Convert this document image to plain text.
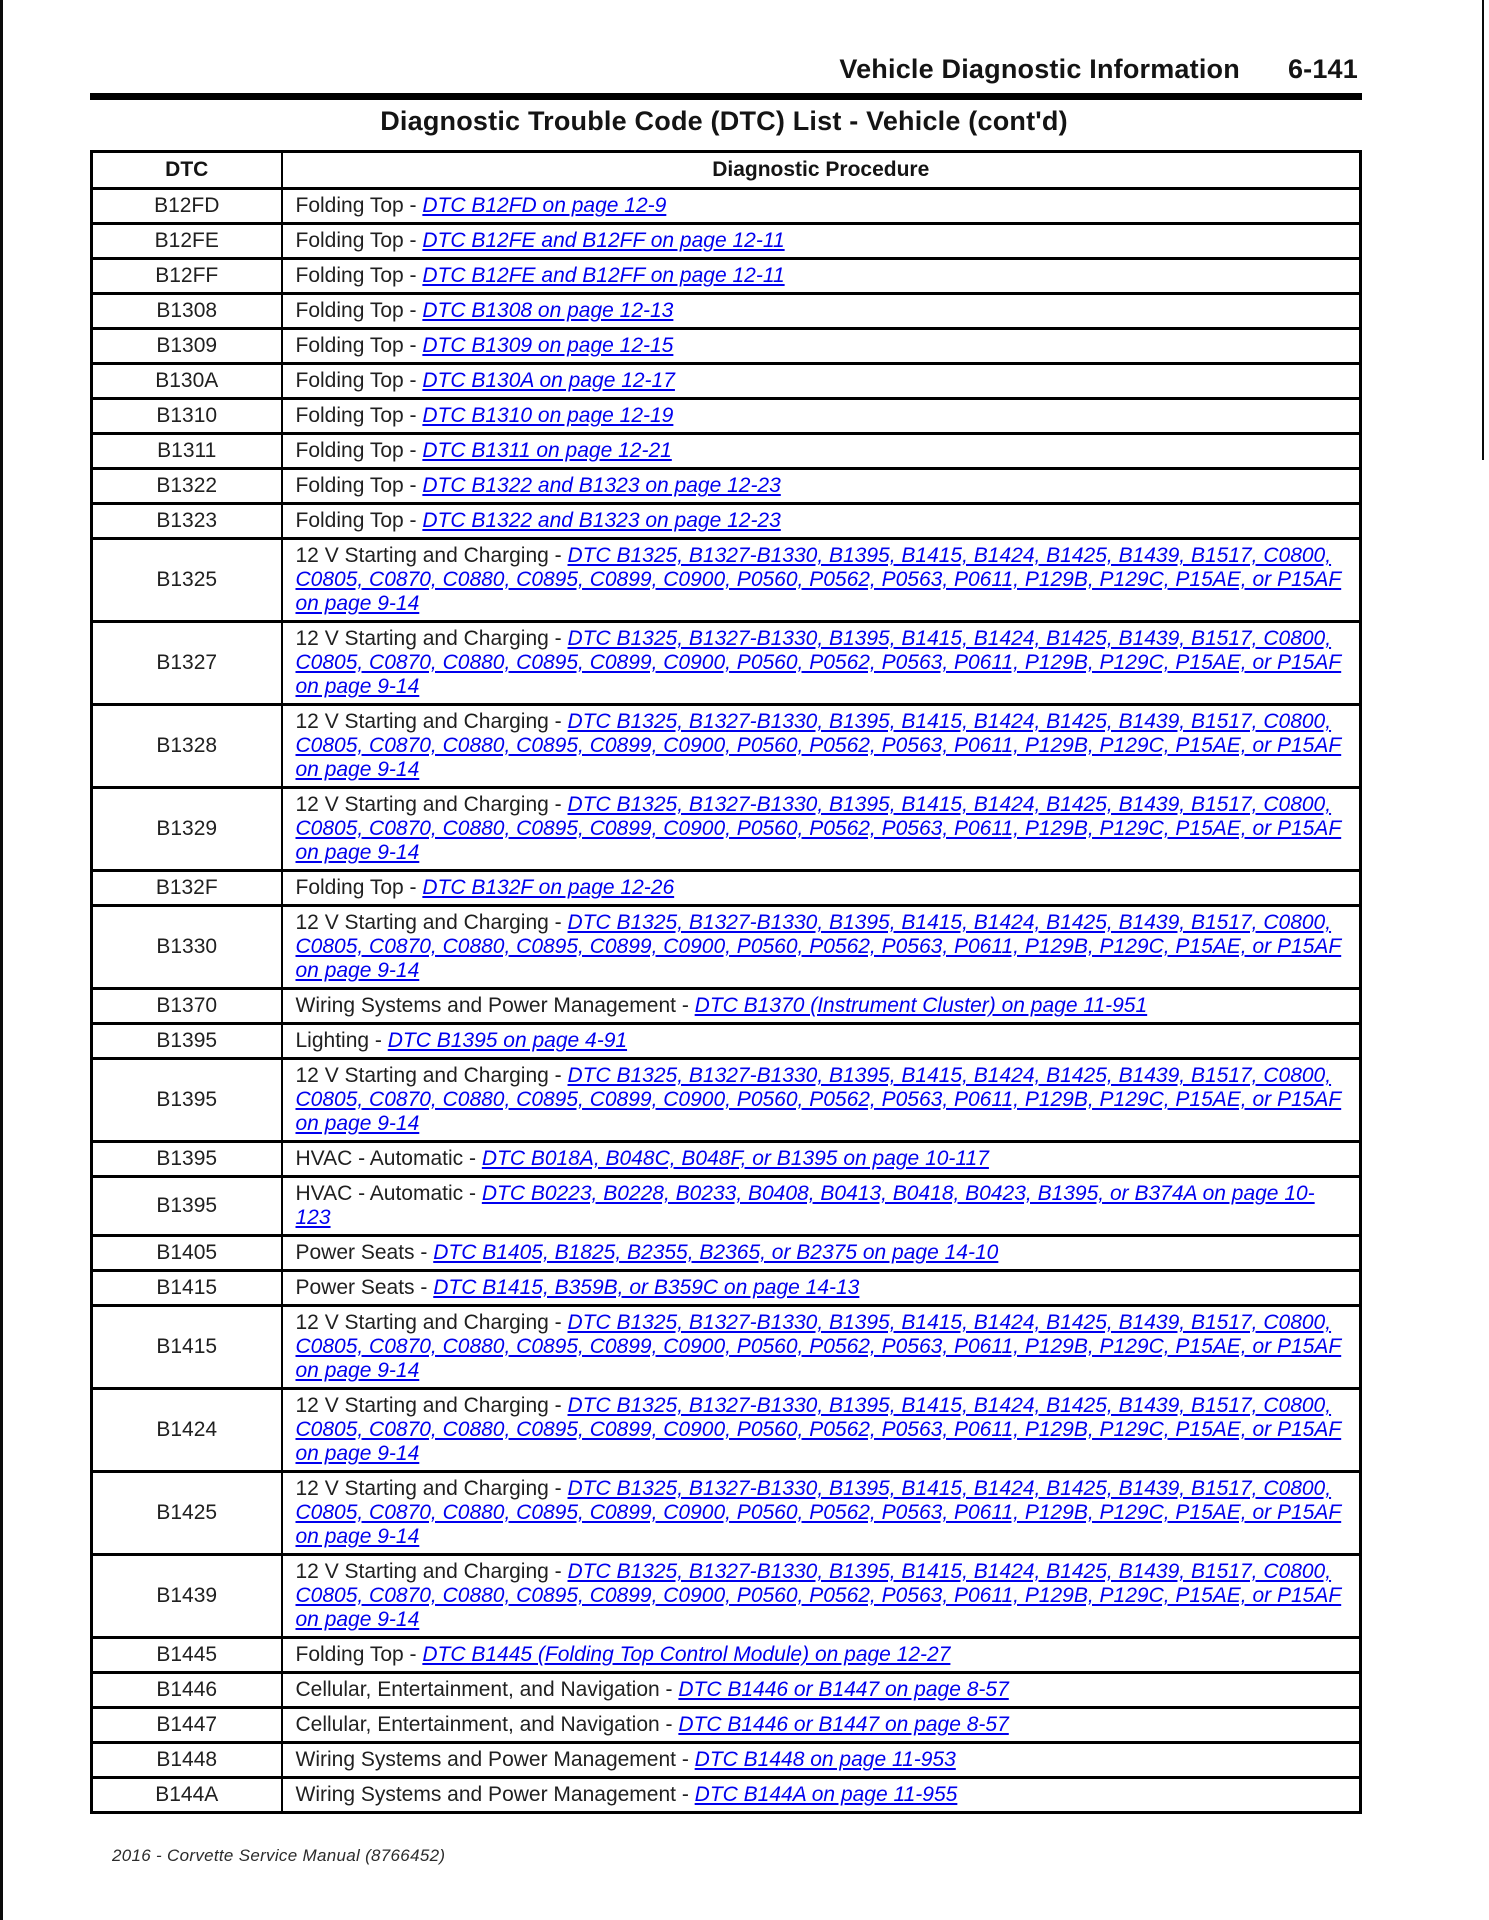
Vehicle Diagnostic Information 6-141
Diagnostic Trouble Code (DTC) List - Vehicle (cont'd)
DTC	Diagnostic Procedure
B12FD	Folding Top - DTC B12FD on page 12-9
B12FE	Folding Top - DTC B12FE and B12FF on page 12-11
B12FF	Folding Top - DTC B12FE and B12FF on page 12-11
B1308	Folding Top - DTC B1308 on page 12-13
B1309	Folding Top - DTC B1309 on page 12-15
B130A	Folding Top - DTC B130A on page 12-17
B1310	Folding Top - DTC B1310 on page 12-19
B1311	Folding Top - DTC B1311 on page 12-21
B1322	Folding Top - DTC B1322 and B1323 on page 12-23
B1323	Folding Top - DTC B1322 and B1323 on page 12-23
B1325	12 V Starting and Charging - DTC B1325, B1327-B1330, B1395, B1415, B1424, B1425, B1439, B1517, C0800, C0805, C0870, C0880, C0895, C0899, C0900, P0560, P0562, P0563, P0611, P129B, P129C, P15AE, or P15AF on page 9-14
B1327	12 V Starting and Charging - DTC B1325, B1327-B1330, B1395, B1415, B1424, B1425, B1439, B1517, C0800, C0805, C0870, C0880, C0895, C0899, C0900, P0560, P0562, P0563, P0611, P129B, P129C, P15AE, or P15AF on page 9-14
B1328	12 V Starting and Charging - DTC B1325, B1327-B1330, B1395, B1415, B1424, B1425, B1439, B1517, C0800, C0805, C0870, C0880, C0895, C0899, C0900, P0560, P0562, P0563, P0611, P129B, P129C, P15AE, or P15AF on page 9-14
B1329	12 V Starting and Charging - DTC B1325, B1327-B1330, B1395, B1415, B1424, B1425, B1439, B1517, C0800, C0805, C0870, C0880, C0895, C0899, C0900, P0560, P0562, P0563, P0611, P129B, P129C, P15AE, or P15AF on page 9-14
B132F	Folding Top - DTC B132F on page 12-26
B1330	12 V Starting and Charging - DTC B1325, B1327-B1330, B1395, B1415, B1424, B1425, B1439, B1517, C0800, C0805, C0870, C0880, C0895, C0899, C0900, P0560, P0562, P0563, P0611, P129B, P129C, P15AE, or P15AF on page 9-14
B1370	Wiring Systems and Power Management - DTC B1370 (Instrument Cluster) on page 11-951
B1395	Lighting - DTC B1395 on page 4-91
B1395	12 V Starting and Charging - DTC B1325, B1327-B1330, B1395, B1415, B1424, B1425, B1439, B1517, C0800, C0805, C0870, C0880, C0895, C0899, C0900, P0560, P0562, P0563, P0611, P129B, P129C, P15AE, or P15AF on page 9-14
B1395	HVAC - Automatic - DTC B018A, B048C, B048F, or B1395 on page 10-117
B1395	HVAC - Automatic - DTC B0223, B0228, B0233, B0408, B0413, B0418, B0423, B1395, or B374A on page 10-123
B1405	Power Seats - DTC B1405, B1825, B2355, B2365, or B2375 on page 14-10
B1415	Power Seats - DTC B1415, B359B, or B359C on page 14-13
B1415	12 V Starting and Charging - DTC B1325, B1327-B1330, B1395, B1415, B1424, B1425, B1439, B1517, C0800, C0805, C0870, C0880, C0895, C0899, C0900, P0560, P0562, P0563, P0611, P129B, P129C, P15AE, or P15AF on page 9-14
B1424	12 V Starting and Charging - DTC B1325, B1327-B1330, B1395, B1415, B1424, B1425, B1439, B1517, C0800, C0805, C0870, C0880, C0895, C0899, C0900, P0560, P0562, P0563, P0611, P129B, P129C, P15AE, or P15AF on page 9-14
B1425	12 V Starting and Charging - DTC B1325, B1327-B1330, B1395, B1415, B1424, B1425, B1439, B1517, C0800, C0805, C0870, C0880, C0895, C0899, C0900, P0560, P0562, P0563, P0611, P129B, P129C, P15AE, or P15AF on page 9-14
B1439	12 V Starting and Charging - DTC B1325, B1327-B1330, B1395, B1415, B1424, B1425, B1439, B1517, C0800, C0805, C0870, C0880, C0895, C0899, C0900, P0560, P0562, P0563, P0611, P129B, P129C, P15AE, or P15AF on page 9-14
B1445	Folding Top - DTC B1445 (Folding Top Control Module) on page 12-27
B1446	Cellular, Entertainment, and Navigation - DTC B1446 or B1447 on page 8-57
B1447	Cellular, Entertainment, and Navigation - DTC B1446 or B1447 on page 8-57
B1448	Wiring Systems and Power Management - DTC B1448 on page 11-953
B144A	Wiring Systems and Power Management - DTC B144A on page 11-955
2016 - Corvette Service Manual (8766452)
